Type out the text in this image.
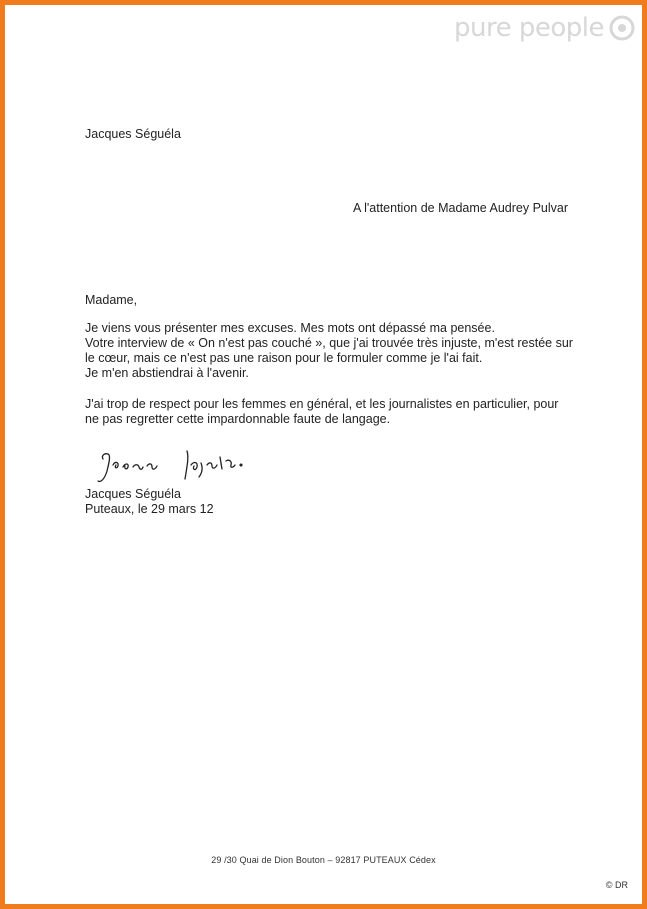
pure people
Jacques Séguéla
A l'attention de Madame Audrey Pulvar
Madame,
Je viens vous présenter mes excuses. Mes mots ont dépassé ma pensée.
Votre interview de « On n'est pas couché », que j'ai trouvée très injuste, m'est restée sur
le cœur, mais ce n'est pas une raison pour le formuler comme je l'ai fait.
Je m'en abstiendrai à l'avenir.
J'ai trop de respect pour les femmes en général, et les journalistes en particulier, pour
ne pas regretter cette impardonnable faute de langage.
Jacques Séguéla
Puteaux, le 29 mars 12
29 /30 Quai de Dion Bouton – 92817 PUTEAUX Cédex
© DR
